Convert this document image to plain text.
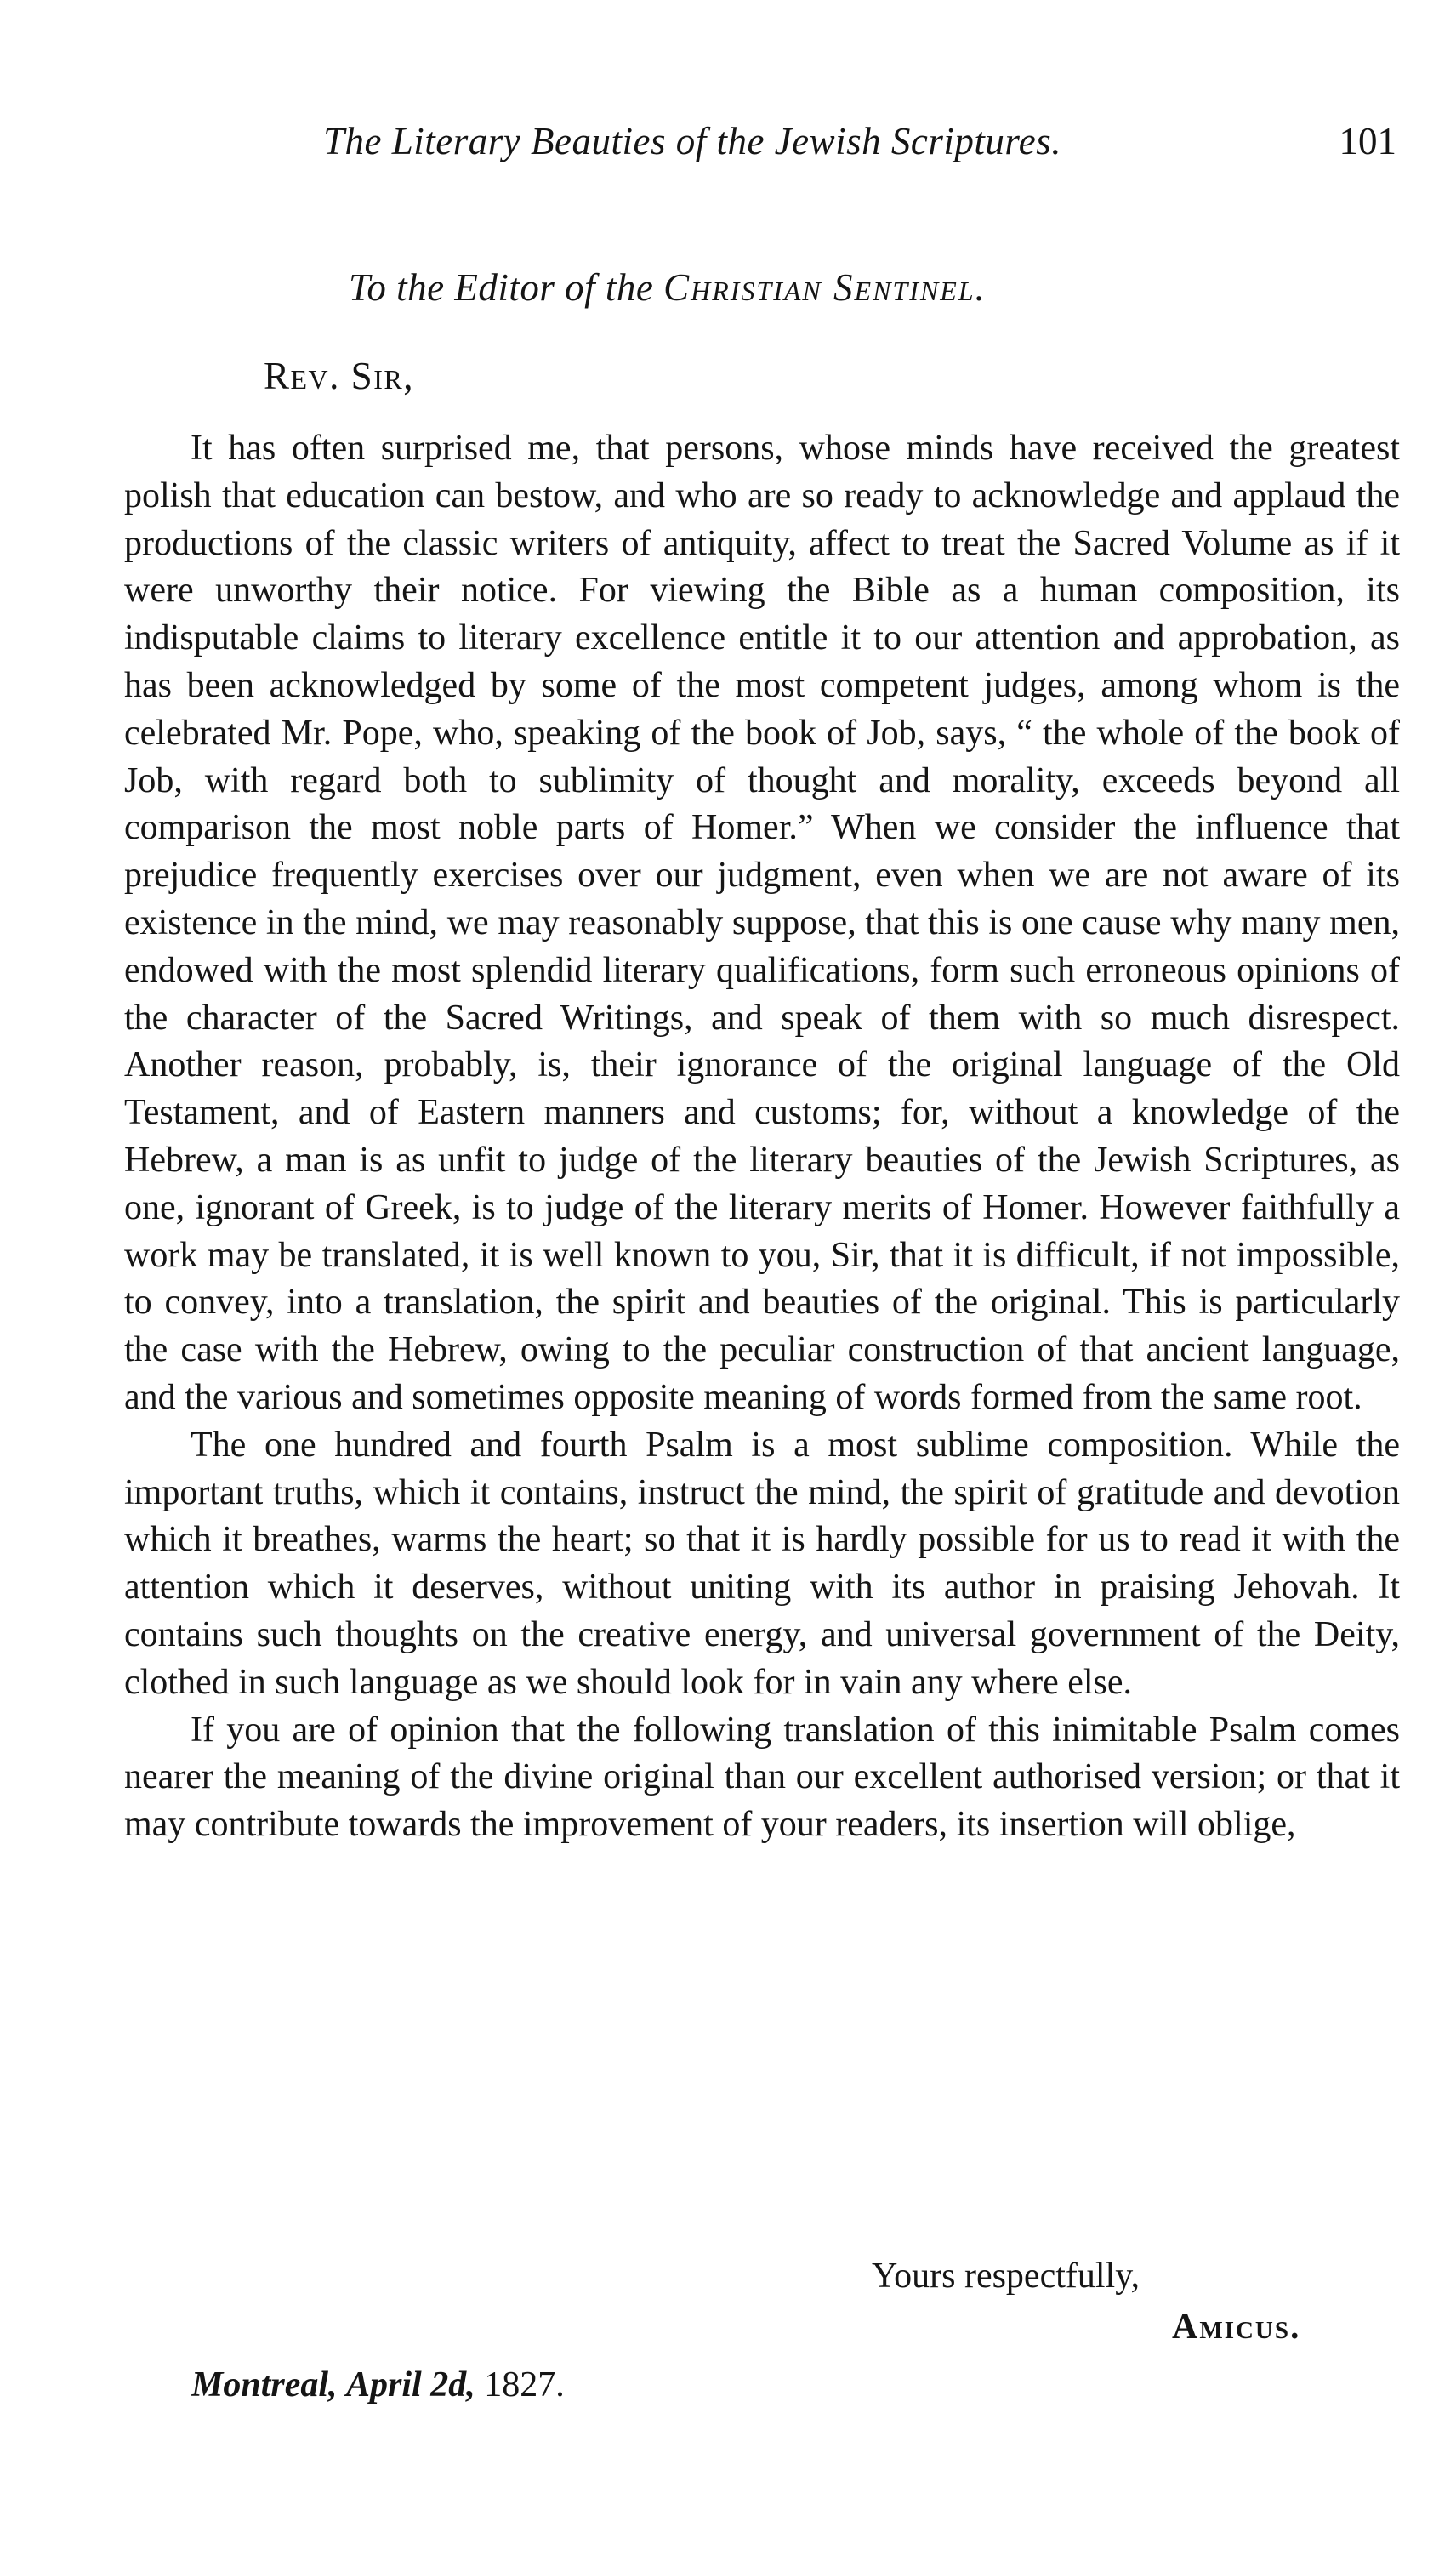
The Literary Beauties of the Jewish Scriptures.	101
To the Editor of the Christian Sentinel.
Rev. Sir,

It has often surprised me, that persons, whose minds have received the greatest polish that education can bestow, and who are so ready to acknowledge and applaud the productions of the classic writers of antiquity, affect to treat the Sacred Volume as if it were unworthy their notice. For viewing the Bible as a human composition, its indisputable claims to literary excellence entitle it to our attention and approbation, as has been acknowledged by some of the most competent judges, among whom is the celebrated Mr. Pope, who, speaking of the book of Job, says, “ the whole of the book of Job, with regard both to sublimity of thought and morality, exceeds beyond all comparison the most noble parts of Homer.” When we consider the influence that prejudice frequently exercises over our judgment, even when we are not aware of its existence in the mind, we may reasonably suppose, that this is one cause why many men, endowed with the most splendid literary qualifications, form such erroneous opinions of the character of the Sacred Writings, and speak of them with so much disrespect. Another reason, probably, is, their ignorance of the original language of the Old Testament, and of Eastern manners and customs; for, without a knowledge of the Hebrew, a man is as unfit to judge of the literary beauties of the Jewish Scriptures, as one, ignorant of Greek, is to judge of the literary merits of Homer. However faithfully a work may be translated, it is well known to you, Sir, that it is difficult, if not impossible, to convey, into a translation, the spirit and beauties of the original. This is particularly the case with the Hebrew, owing to the peculiar construction of that ancient language, and the various and sometimes opposite meaning of words formed from the same root.

The one hundred and fourth Psalm is a most sublime composition. While the important truths, which it contains, instruct the mind, the spirit of gratitude and devotion which it breathes, warms the heart; so that it is hardly possible for us to read it with the attention which it deserves, without uniting with its author in praising Jehovah. It contains such thoughts on the creative energy, and universal government of the Deity, clothed in such language as we should look for in vain any where else.

If you are of opinion that the following translation of this inimitable Psalm comes nearer the meaning of the divine original than our excellent authorised version; or that it may contribute towards the improvement of your readers, its insertion will oblige,

Yours respectfully,
Amicus.
Montreal, April 2d, 1827.
